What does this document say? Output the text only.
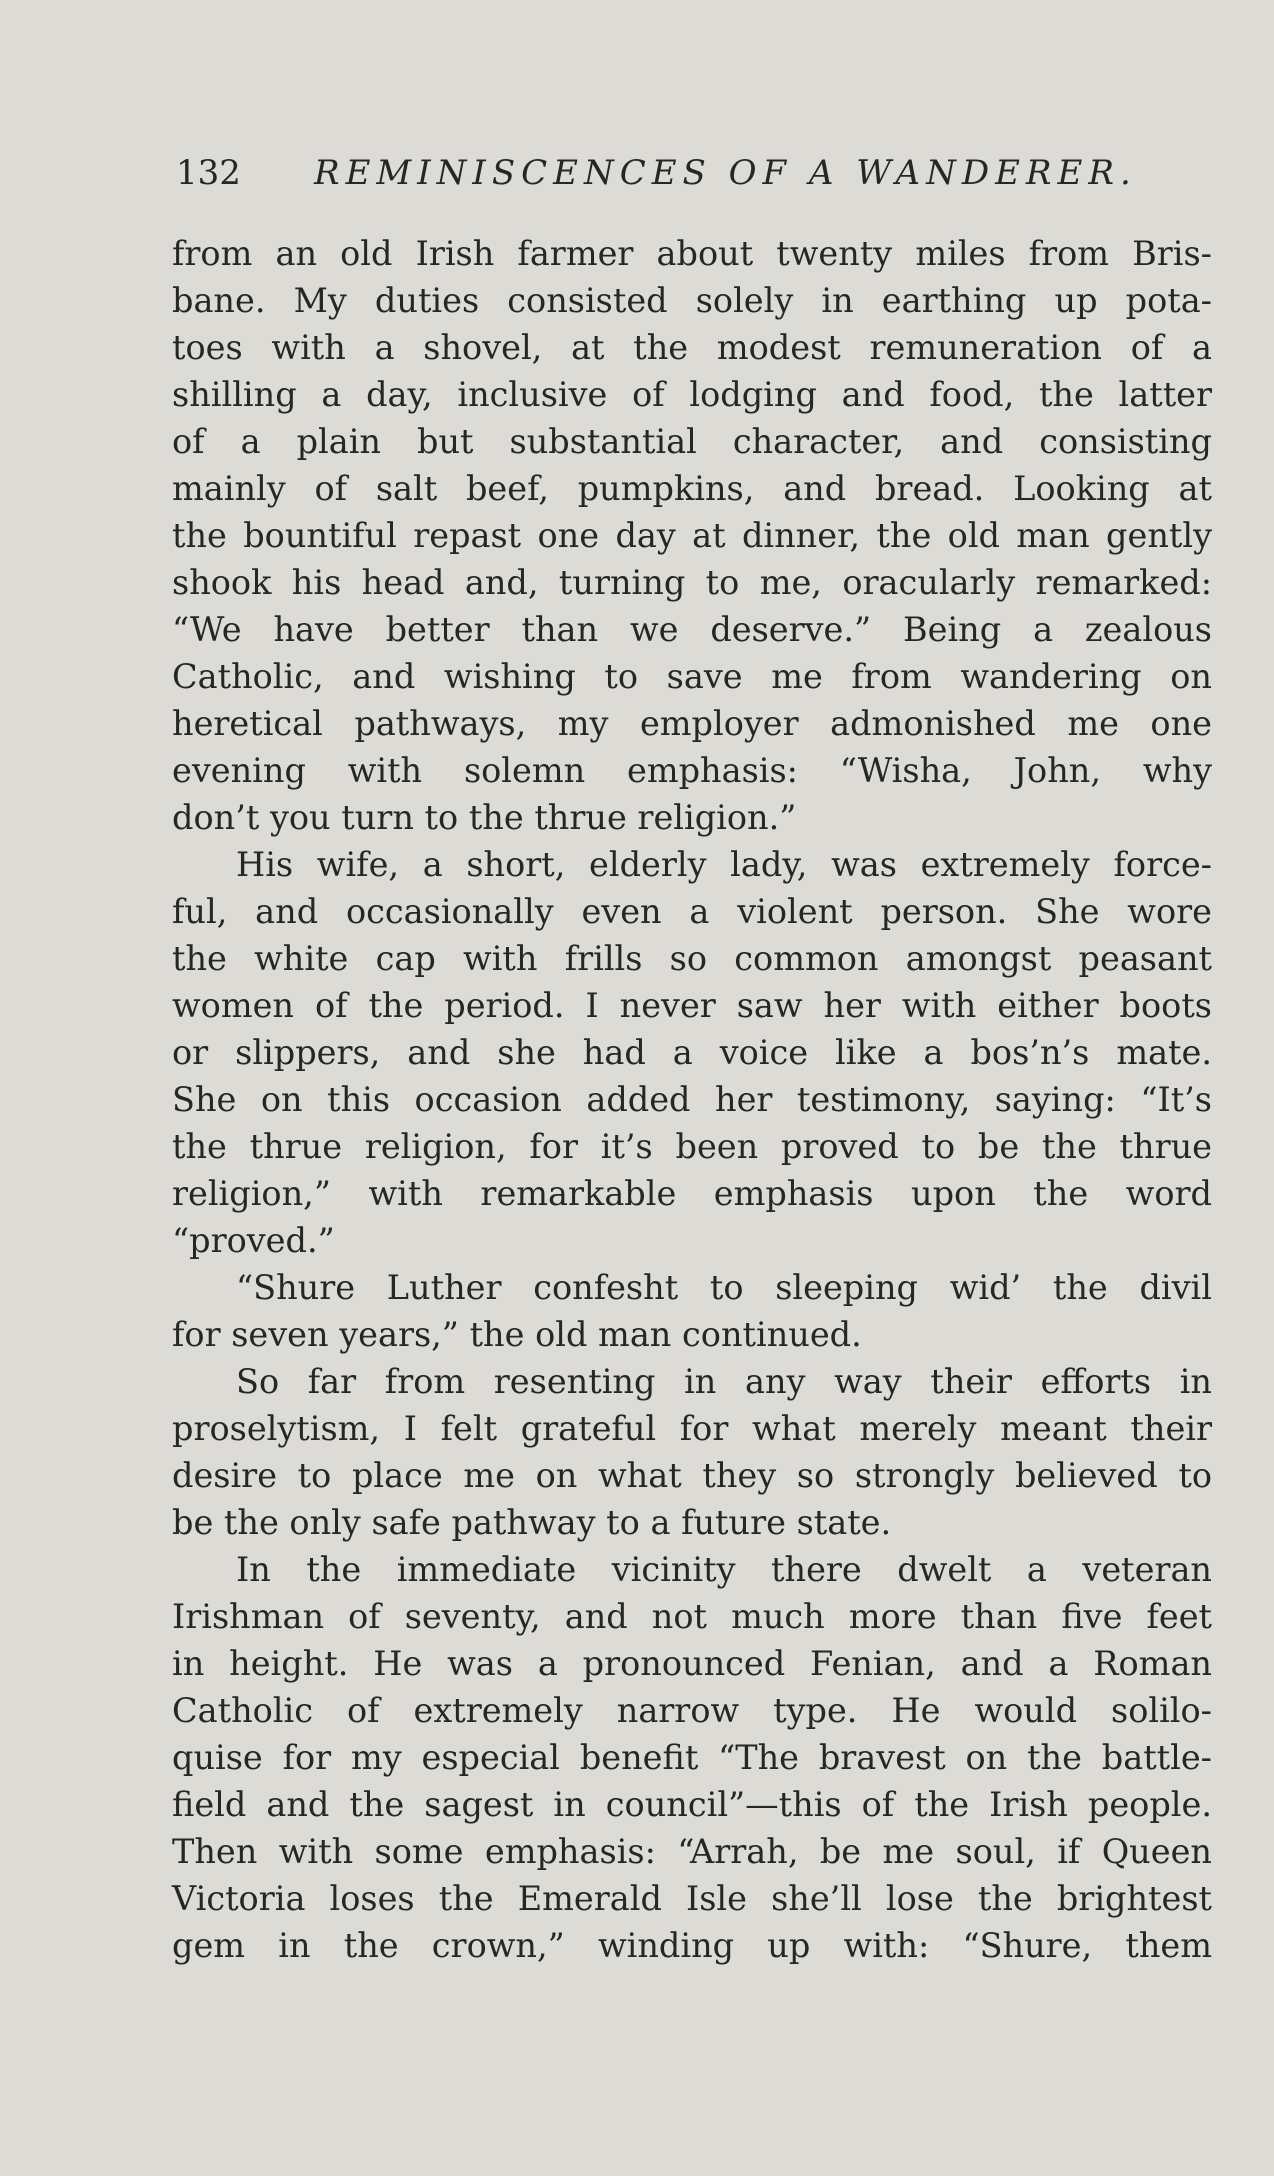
132 REMINISCENCES OF A WANDERER.
from an old Irish farmer about twenty miles from Bris-
bane. My duties consisted solely in earthing up pota-
toes with a shovel, at the modest remuneration of a
shilling a day, inclusive of lodging and food, the latter
of a plain but substantial character, and consisting
mainly of salt beef, pumpkins, and bread. Looking at
the bountiful repast one day at dinner, the old man gently
shook his head and, turning to me, oracularly remarked:
“We have better than we deserve.” Being a zealous
Catholic, and wishing to save me from wandering on
heretical pathways, my employer admonished me one
evening with solemn emphasis: “Wisha, John, why
don’t you turn to the thrue religion.”
His wife, a short, elderly lady, was extremely force-
ful, and occasionally even a violent person. She wore
the white cap with frills so common amongst peasant
women of the period. I never saw her with either boots
or slippers, and she had a voice like a bos’n’s mate.
She on this occasion added her testimony, saying: “It’s
the thrue religion, for it’s been proved to be the thrue
religion,” with remarkable emphasis upon the word
“proved.”
“Shure Luther confesht to sleeping wid’ the divil
for seven years,” the old man continued.
So far from resenting in any way their efforts in
proselytism, I felt grateful for what merely meant their
desire to place me on what they so strongly believed to
be the only safe pathway to a future state.
In the immediate vicinity there dwelt a veteran
Irishman of seventy, and not much more than five feet
in height. He was a pronounced Fenian, and a Roman
Catholic of extremely narrow type. He would solilo-
quise for my especial benefit “The bravest on the battle-
field and the sagest in council”—this of the Irish people.
Then with some emphasis: “Arrah, be me soul, if Queen
Victoria loses the Emerald Isle she’ll lose the brightest
gem in the crown,” winding up with: “Shure, them
